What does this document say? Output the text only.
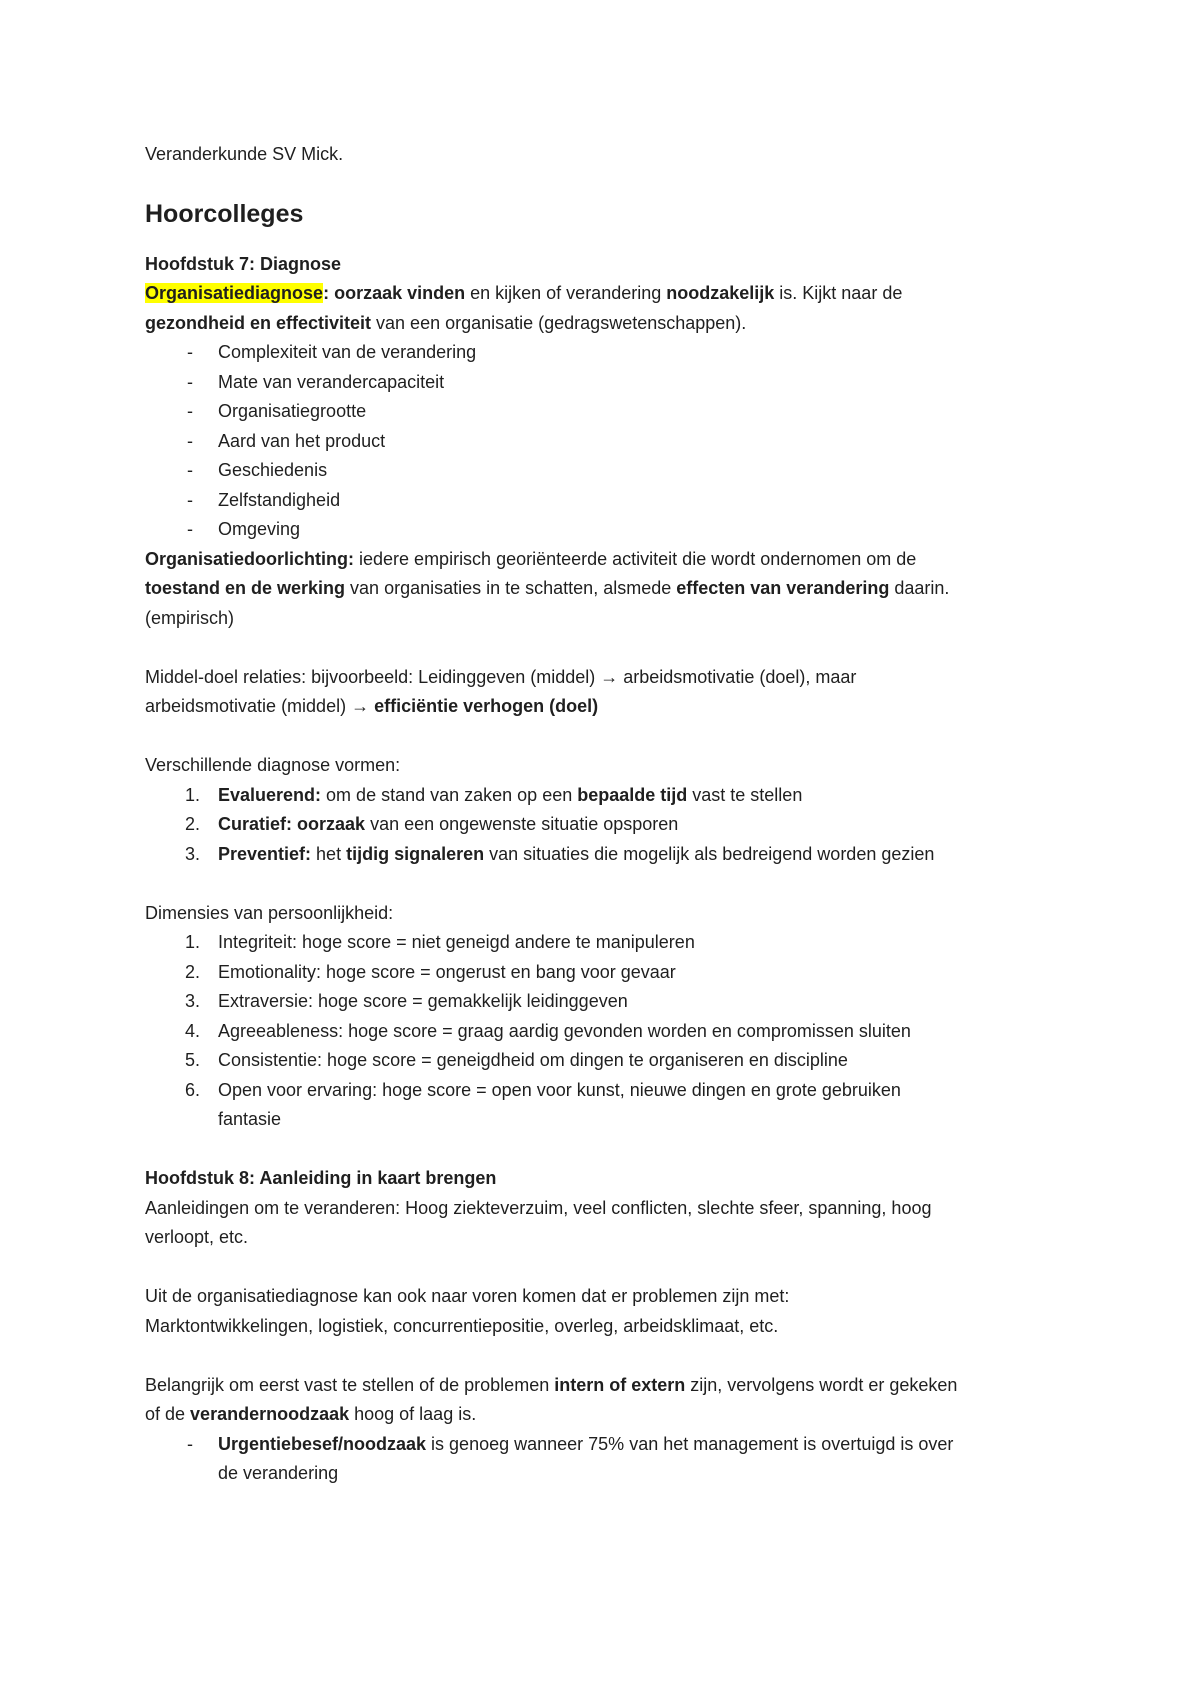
Veranderkunde SV Mick.

Hoorcolleges

Hoofdstuk 7: Diagnose

Organisatiediagnose: oorzaak vinden en kijken of verandering noodzakelijk is. Kijkt naar de

gezondheid en effectiviteit van een organisatie (gedragswetenschappen).

- Complexiteit van de verandering
- Mate van verandercapaciteit
- Organisatiegrootte
- Aard van het product
- Geschiedenis
- Zelfstandigheid
- Omgeving

Organisatiedoorlichting: iedere empirisch georiënteerde activiteit die wordt ondernomen om de

toestand en de werking van organisaties in te schatten, alsmede effecten van verandering daarin.

(empirisch)

Middel-doel relaties: bijvoorbeeld: Leidinggeven (middel) → arbeidsmotivatie (doel), maar

arbeidsmotivatie (middel) → efficiëntie verhogen (doel)

Verschillende diagnose vormen:

1. Evaluerend: om de stand van zaken op een bepaalde tijd vast te stellen
2. Curatief: oorzaak van een ongewenste situatie opsporen
3. Preventief: het tijdig signaleren van situaties die mogelijk als bedreigend worden gezien

Dimensies van persoonlijkheid:

1. Integriteit: hoge score = niet geneigd andere te manipuleren
2. Emotionality: hoge score = ongerust en bang voor gevaar
3. Extraversie: hoge score = gemakkelijk leidinggeven
4. Agreeableness: hoge score = graag aardig gevonden worden en compromissen sluiten
5. Consistentie: hoge score = geneigdheid om dingen te organiseren en discipline
6. Open voor ervaring: hoge score = open voor kunst, nieuwe dingen en grote gebruiken
fantasie

Hoofdstuk 8: Aanleiding in kaart brengen

Aanleidingen om te veranderen: Hoog ziekteverzuim, veel conflicten, slechte sfeer, spanning, hoog

verloopt, etc.

Uit de organisatiediagnose kan ook naar voren komen dat er problemen zijn met:

Marktontwikkelingen, logistiek, concurrentiepositie, overleg, arbeidsklimaat, etc.

Belangrijk om eerst vast te stellen of de problemen intern of extern zijn, vervolgens wordt er gekeken

of de verandernoodzaak hoog of laag is.

- Urgentiebesef/noodzaak is genoeg wanneer 75% van het management is overtuigd is over
de verandering
